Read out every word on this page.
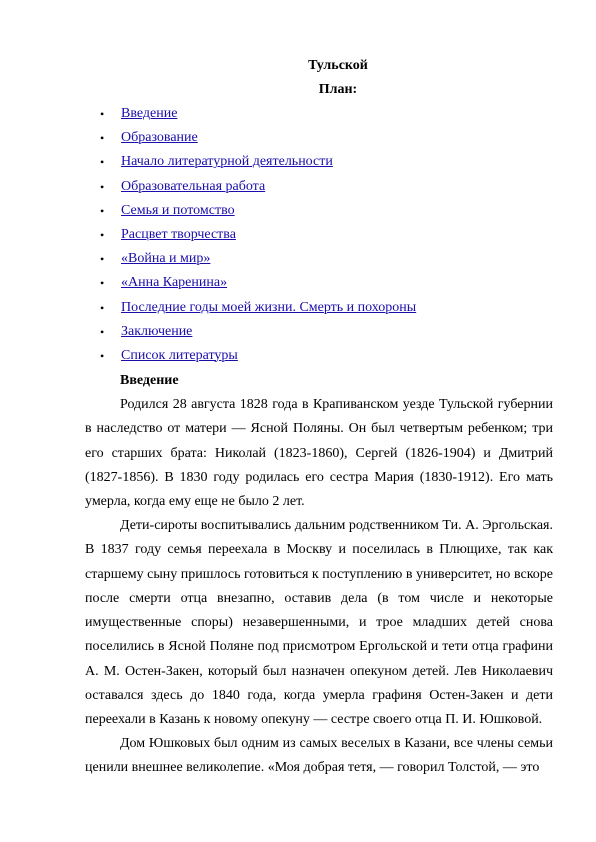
Тульской
План:
• Введение
• Образование
• Начало литературной деятельности
• Образовательная работа
• Семья и потомство
• Расцвет творчества
• «Война и мир»
• «Анна Каренина»
• Последние годы моей жизни. Смерть и похороны
• Заключение
• Список литературы
Введение

Родился 28 августа 1828 года в Крапиванском уезде Тульской губернии в наследство от матери — Ясной Поляны. Он был четвертым ребенком; три его старших брата: Николай (1823-1860), Сергей (1826-1904) и Дмитрий (1827-1856). В 1830 году родилась его сестра Мария (1830-1912). Его мать умерла, когда ему еще не было 2 лет.

Дети-сироты воспитывались дальним родственником Ти. А. Эргольская. В 1837 году семья переехала в Москву и поселилась в Плющихе, так как старшему сыну пришлось готовиться к поступлению в университет, но вскоре после смерти отца внезапно, оставив дела (в том числе и некоторые имущественные споры) незавершенными, и трое младших детей снова поселились в Ясной Поляне под присмотром Ергольской и тети отца графини А. М. Остен-Закен, который был назначен опекуном детей. Лев Николаевич оставался здесь до 1840 года, когда умерла графиня Остен-Закен и дети переехали в Казань к новому опекуну — сестре своего отца П. И. Юшковой.

Дом Юшковых был одним из самых веселых в Казани, все члены семьи ценили внешнее великолепие. «Моя добрая тетя, — говорил Толстой, — это
